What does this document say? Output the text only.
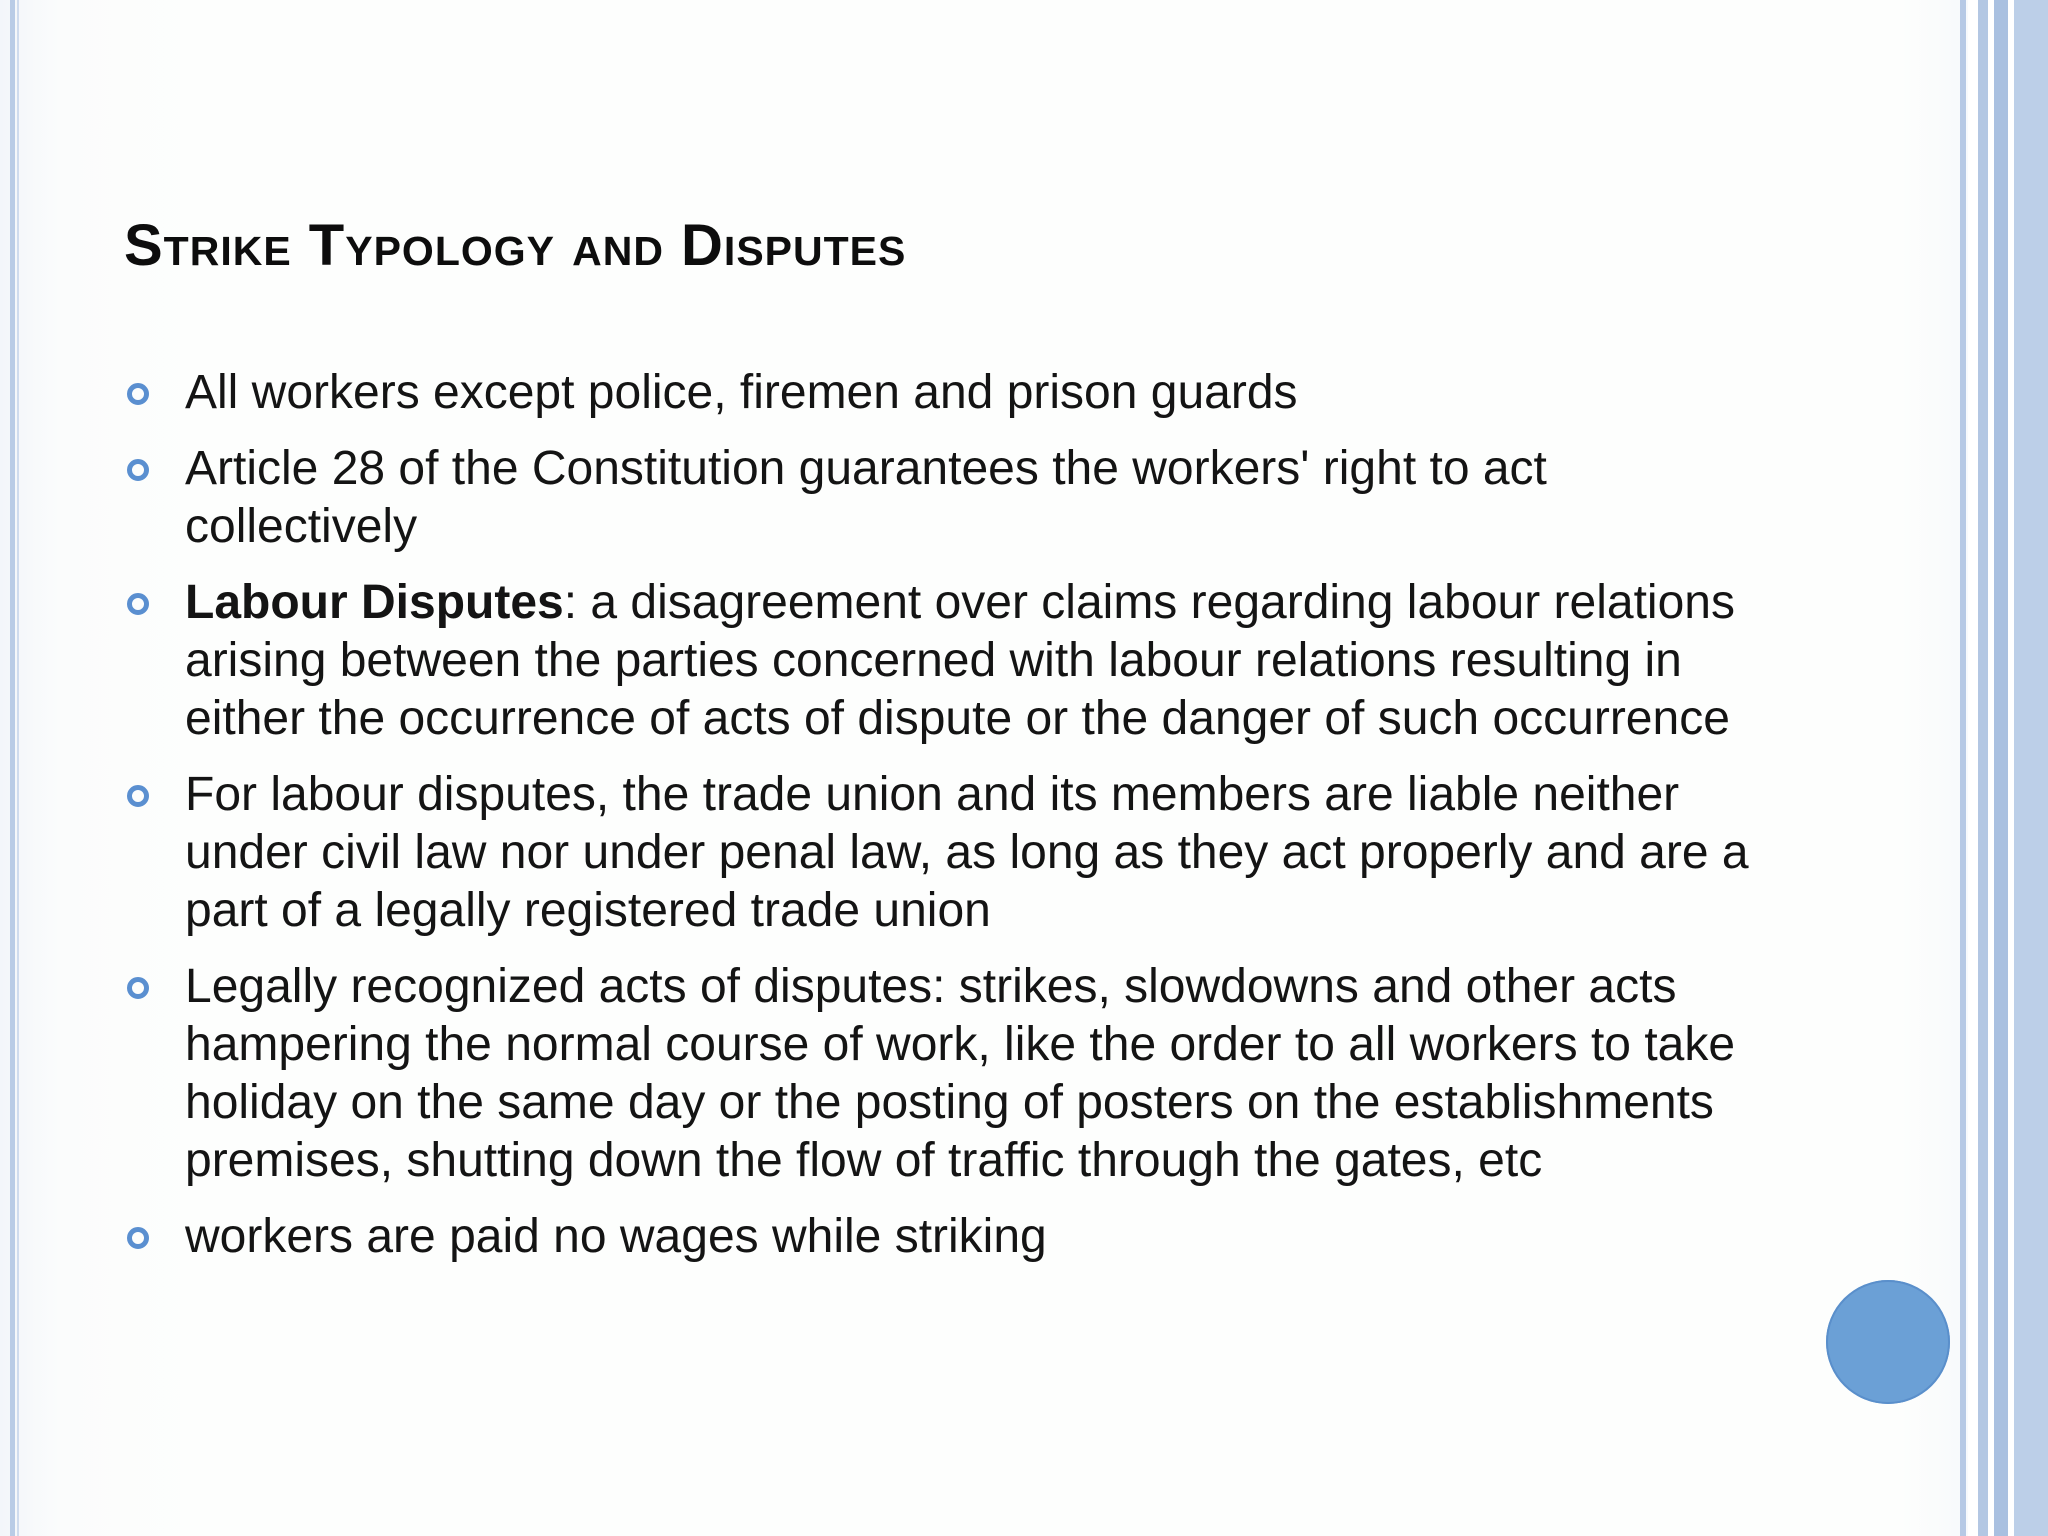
Strike Typology and Disputes
All workers except police, firemen and prison guards
Article 28 of the Constitution guarantees the workers' right to act collectively
Labour Disputes: a disagreement over claims regarding labour relations arising between the parties concerned with labour relations resulting in either the occurrence of acts of dispute or the danger of such occurrence
For labour disputes, the trade union and its members are liable neither under civil law nor under penal law, as long as they act properly and are a part of a legally registered trade union
Legally recognized acts of disputes: strikes, slowdowns and other acts hampering the normal course of work, like the order to all workers to take holiday on the same day or the posting of posters on the establishments premises, shutting down the flow of traffic through the gates, etc
workers are paid no wages while striking
